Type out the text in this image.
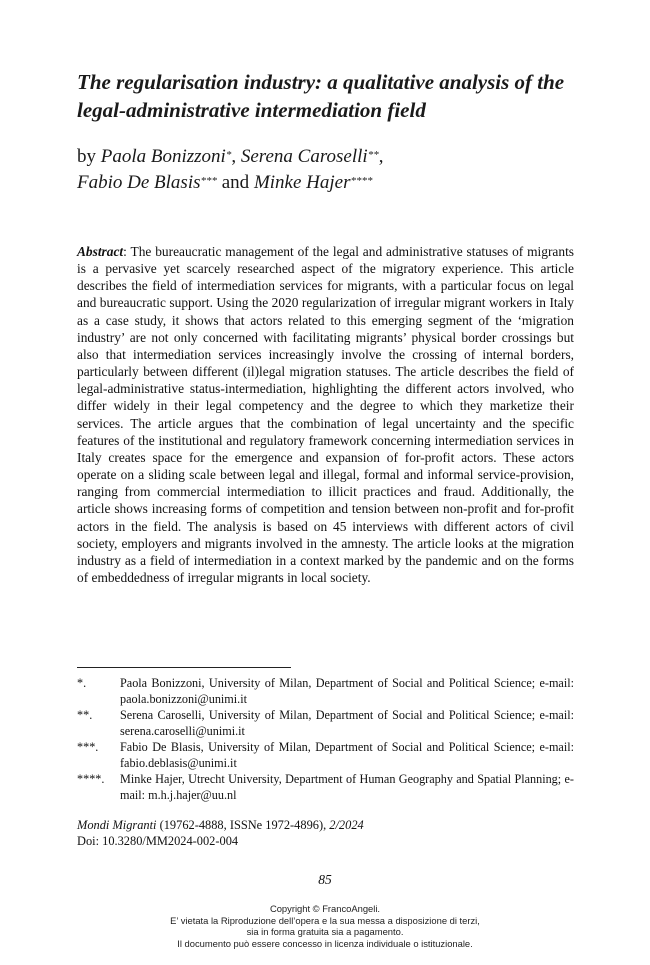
The regularisation industry: a qualitative analysis of the legal-administrative intermediation field
by Paola Bonizzoni*, Serena Caroselli**,
Fabio De Blasis*** and Minke Hajer****
Abstract: The bureaucratic management of the legal and administrative statuses of migrants is a pervasive yet scarcely researched aspect of the migratory experience. This article describes the field of intermediation services for migrants, with a particular focus on legal and bureaucratic support. Using the 2020 regularization of irregular migrant workers in Italy as a case study, it shows that actors related to this emerging segment of the ‘migration industry’ are not only concerned with facilitating migrants’ physical border crossings but also that intermediation services increasingly involve the crossing of internal borders, particularly between different (il)legal migration statuses. The article describes the field of legal-administrative status-intermediation, highlighting the different actors involved, who differ widely in their legal competency and the degree to which they marketize their services. The article argues that the combination of legal uncertainty and the specific features of the institutional and regulatory framework concerning intermediation services in Italy creates space for the emergence and expansion of for-profit actors. These actors operate on a sliding scale between legal and illegal, formal and informal service-provision, ranging from commercial intermediation to illicit practices and fraud. Additionally, the article shows increasing forms of competition and tension between non-profit and for-profit actors in the field. The analysis is based on 45 interviews with different actors of civil society, employers and migrants involved in the amnesty. The article looks at the migration industry as a field of intermediation in a context marked by the pandemic and on the forms of embeddedness of irregular migrants in local society.
*.	Paola Bonizzoni, University of Milan, Department of Social and Political Science; e-mail: paola.bonizzoni@unimi.it
**.	Serena Caroselli, University of Milan, Department of Social and Political Science; e-mail: serena.caroselli@unimi.it
***.	Fabio De Blasis, University of Milan, Department of Social and Political Science; e-mail: fabio.deblasis@unimi.it
****.	Minke Hajer, Utrecht University, Department of Human Geography and Spatial Planning; e-mail: m.h.j.hajer@uu.nl
Mondi Migranti (19762-4888, ISSNe 1972-4896), 2/2024
Doi: 10.3280/MM2024-002-004
85
Copyright © FrancoAngeli.
E’ vietata la Riproduzione dell’opera e la sua messa a disposizione di terzi,
sia in forma gratuita sia a pagamento.
Il documento può essere concesso in licenza individuale o istituzionale.
